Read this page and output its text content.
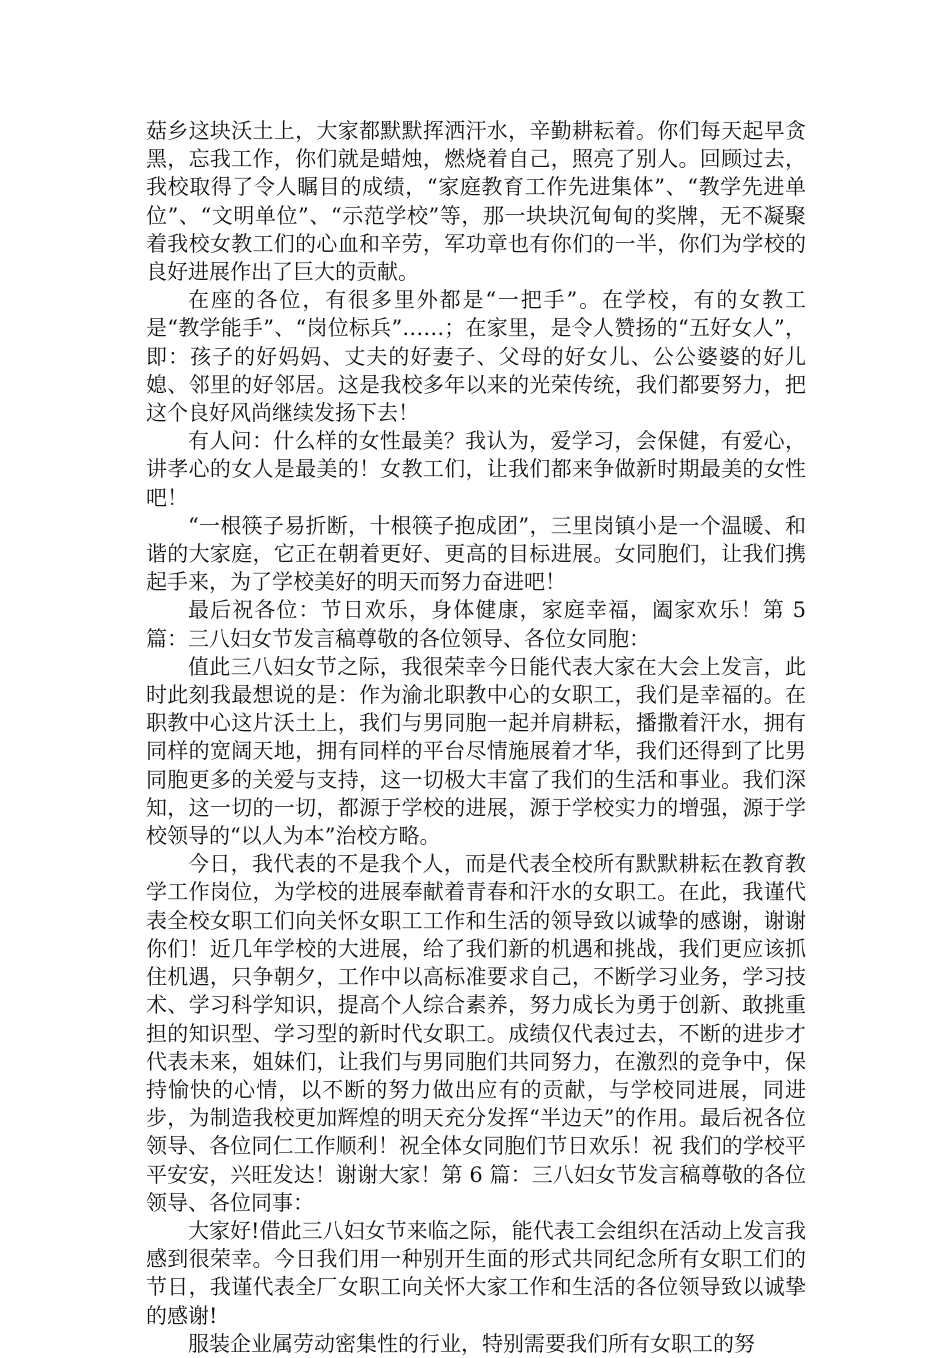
菇乡这块沃土上，大家都默默挥洒汗水，辛勤耕耘着。你们每天起早贪黑，忘我工作，你们就是蜡烛，燃烧着自己，照亮了别人。回顾过去，我校取得了令人瞩目的成绩，“家庭教育工作先进集体”、“教学先进单位”、“文明单位”、“示范学校”等，那一块块沉甸甸的奖牌，无不凝聚着我校女教工们的心血和辛劳，军功章也有你们的一半，你们为学校的良好进展作出了巨大的贡献。

在座的各位，有很多里外都是“一把手”。在学校，有的女教工是“教学能手”、“岗位标兵”……；在家里，是令人赞扬的“五好女人”，即：孩子的好妈妈、丈夫的好妻子、父母的好女儿、公公婆婆的好儿媳、邻里的好邻居。这是我校多年以来的光荣传统，我们都要努力，把这个良好风尚继续发扬下去！

有人问：什么样的女性最美？我认为，爱学习，会保健，有爱心，讲孝心的女人是最美的！女教工们，让我们都来争做新时期最美的女性吧！

“一根筷子易折断，十根筷子抱成团”，三里岗镇小是一个温暖、和谐的大家庭，它正在朝着更好、更高的目标进展。女同胞们，让我们携起手来，为了学校美好的明天而努力奋进吧！

最后祝各位：节日欢乐，身体健康，家庭幸福，阖家欢乐！第 5 篇：三八妇女节发言稿尊敬的各位领导、各位女同胞：

值此三八妇女节之际，我很荣幸今日能代表大家在大会上发言，此时此刻我最想说的是：作为渝北职教中心的女职工，我们是幸福的。在职教中心这片沃土上，我们与男同胞一起并肩耕耘，播撒着汗水，拥有同样的宽阔天地，拥有同样的平台尽情施展着才华，我们还得到了比男同胞更多的关爱与支持，这一切极大丰富了我们的生活和事业。我们深知，这一切的一切，都源于学校的进展，源于学校实力的增强，源于学校领导的“以人为本”治校方略。

今日，我代表的不是我个人，而是代表全校所有默默耕耘在教育教学工作岗位，为学校的进展奉献着青春和汗水的女职工。在此，我谨代表全校女职工们向关怀女职工工作和生活的领导致以诚挚的感谢，谢谢你们！近几年学校的大进展，给了我们新的机遇和挑战，我们更应该抓住机遇，只争朝夕，工作中以高标准要求自己，不断学习业务，学习技术、学习科学知识，提高个人综合素养，努力成长为勇于创新、敢挑重担的知识型、学习型的新时代女职工。成绩仅代表过去，不断的进步才代表未来，姐妹们，让我们与男同胞们共同努力，在激烈的竞争中，保持愉快的心情，以不断的努力做出应有的贡献，与学校同进展，同进步，为制造我校更加辉煌的明天充分发挥“半边天”的作用。最后祝各位领导、各位同仁工作顺利！祝全体女同胞们节日欢乐！祝 我们的学校平平安安，兴旺发达！谢谢大家！第 6 篇：三八妇女节发言稿尊敬的各位领导、各位同事：

大家好!借此三八妇女节来临之际，能代表工会组织在活动上发言我感到很荣幸。今日我们用一种别开生面的形式共同纪念所有女职工们的节日，我谨代表全厂女职工向关怀大家工作和生活的各位领导致以诚挚的感谢!

服装企业属劳动密集性的行业，特别需要我们所有女职工的努
